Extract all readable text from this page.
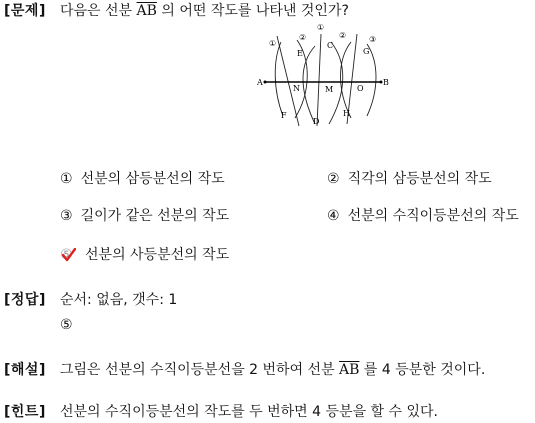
[문제] 다음은 선분 $\overline{AB}$ 의 어떤 작도를 나타낸 것인가?
A	B
N	M	O
E
C
G
F
D
H
①
②
①
②	③
① 선분의 삼등분선의 작도	② 직각의 삼등분선의 작도
③ 길이가 같은 선분의 작도	④ 선분의 수직이등분선의 작도
⑤ 선분의 사등분선의 작도
[정답] 순서: 없음, 갯수: 1
⑤
[해설] 그림은 선분의 수직이등분선을 2 번하여 선분 $\overline{AB}$ 를 4 등분한 것이다.
[힌트] 선분의 수직이등분선의 작도를 두 번하면 4 등분을 할 수 있다.
